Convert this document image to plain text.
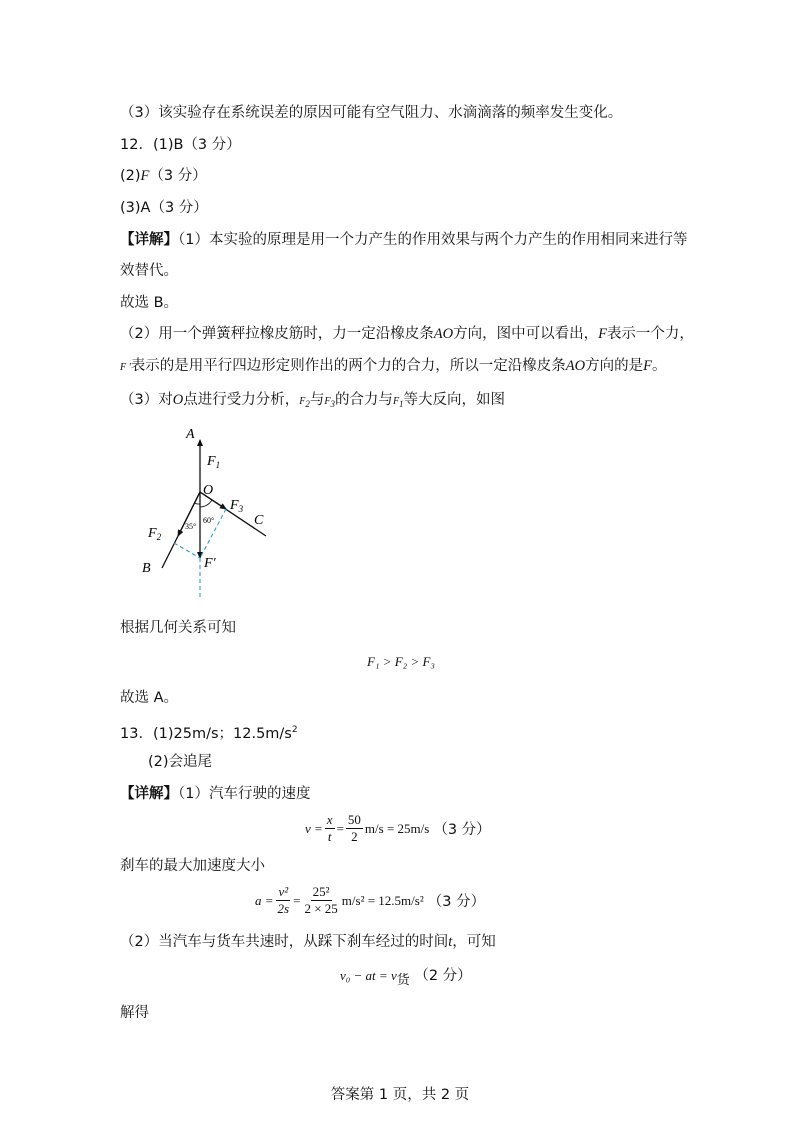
（3）该实验存在系统误差的原因可能有空气阻力、水滴滴落的频率发生变化。
12．(1)B（3 分）
(2)F（3 分）
(3)A（3 分）
【详解】（1）本实验的原理是用一个力产生的作用效果与两个力产生的作用相同来进行等
效替代。
故选 B。
（2）用一个弹簧秤拉橡皮筋时，力一定沿橡皮条AO方向，图中可以看出，F表示一个力，
F '表示的是用平行四边形定则作出的两个力的合力，所以一定沿橡皮条AO方向的是F。
（3）对O点进行受力分析，$F_2$与$F_3$的合力与$F_1$等大反向，如图
A
$F_1$
O
$F_3$
C
60°
35°
$F_2$
F′
B
根据几何关系可知
F₁ > F₂ > F₃
故选 A。
13．(1)25m/s；$12.5m/s^2$
(2)会追尾
【详解】（1）汽车行驶的速度
$v = \frac{x}{t} = \frac{50}{2} m/s = 25m/s$ （3 分）
刹车的最大加速度大小
$a = \frac{\text{v²}}{2s} = \frac{\text{25²}}{2 \times 25} m/s^2 = 12.5m/s^2$ （3 分）
（2）当汽车与货车共速时，从踩下刹车经过的时间t，可知
v₀ − at = $v_货$ （2 分）
解得
答案第 1 页，共 2 页
